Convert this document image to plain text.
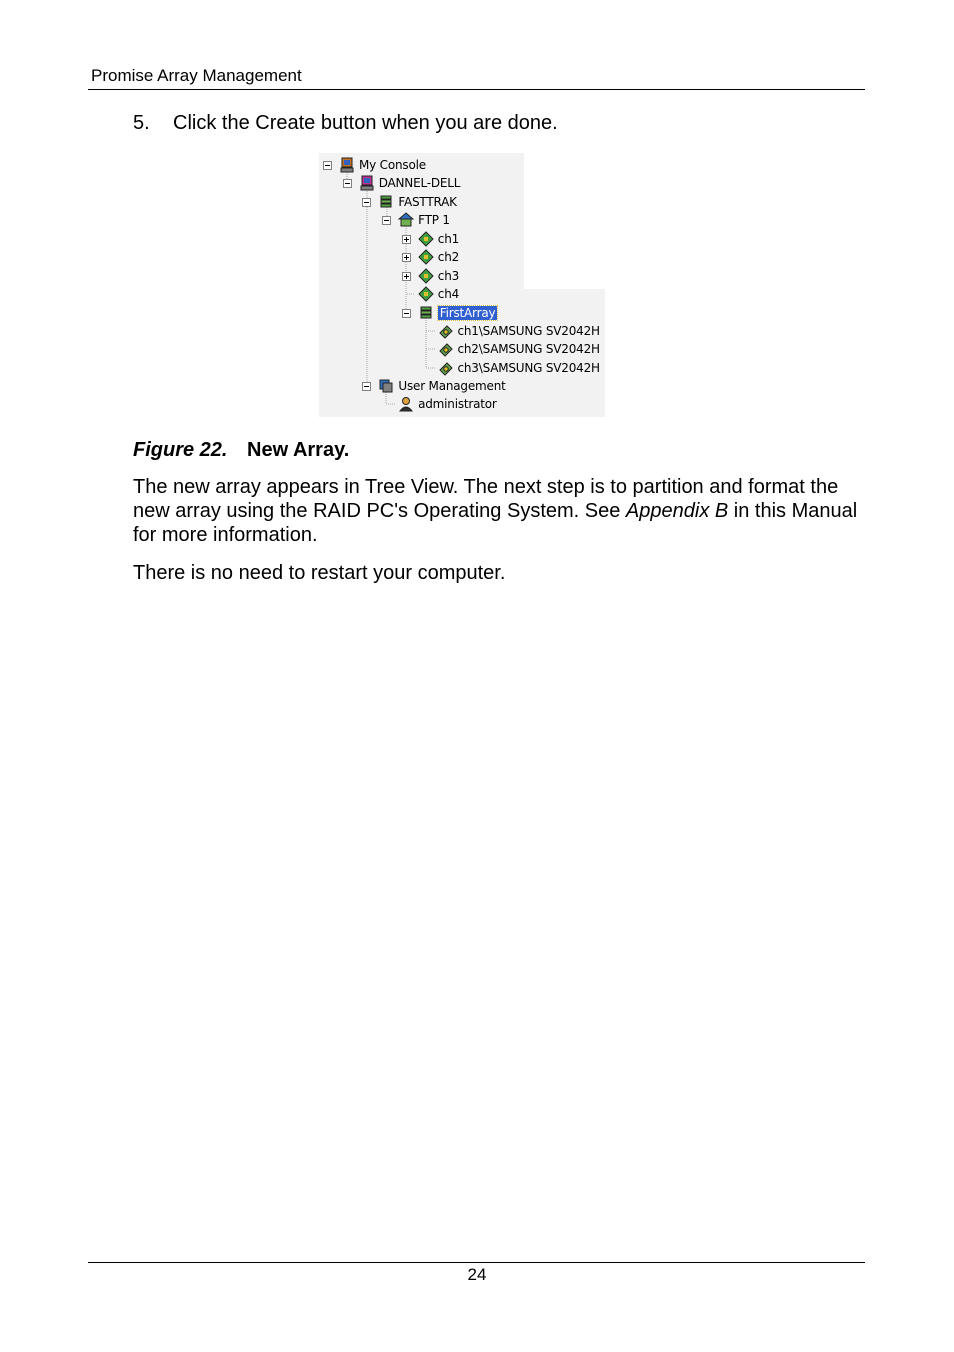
Promise Array Management
5. Click the Create button when you are done.
My Console
DANNEL-DELL
FASTTRAK
FTP 1
ch1
ch2
ch3
ch4
FirstArray
ch1\SAMSUNG SV2042H
ch2\SAMSUNG SV2042H
ch3\SAMSUNG SV2042H
User Management
administrator
Figure 22. New Array.
The new array appears in Tree View. The next step is to partition and format the new array using the RAID PC's Operating System. See Appendix B in this Manual for more information.
There is no need to restart your computer.
24
